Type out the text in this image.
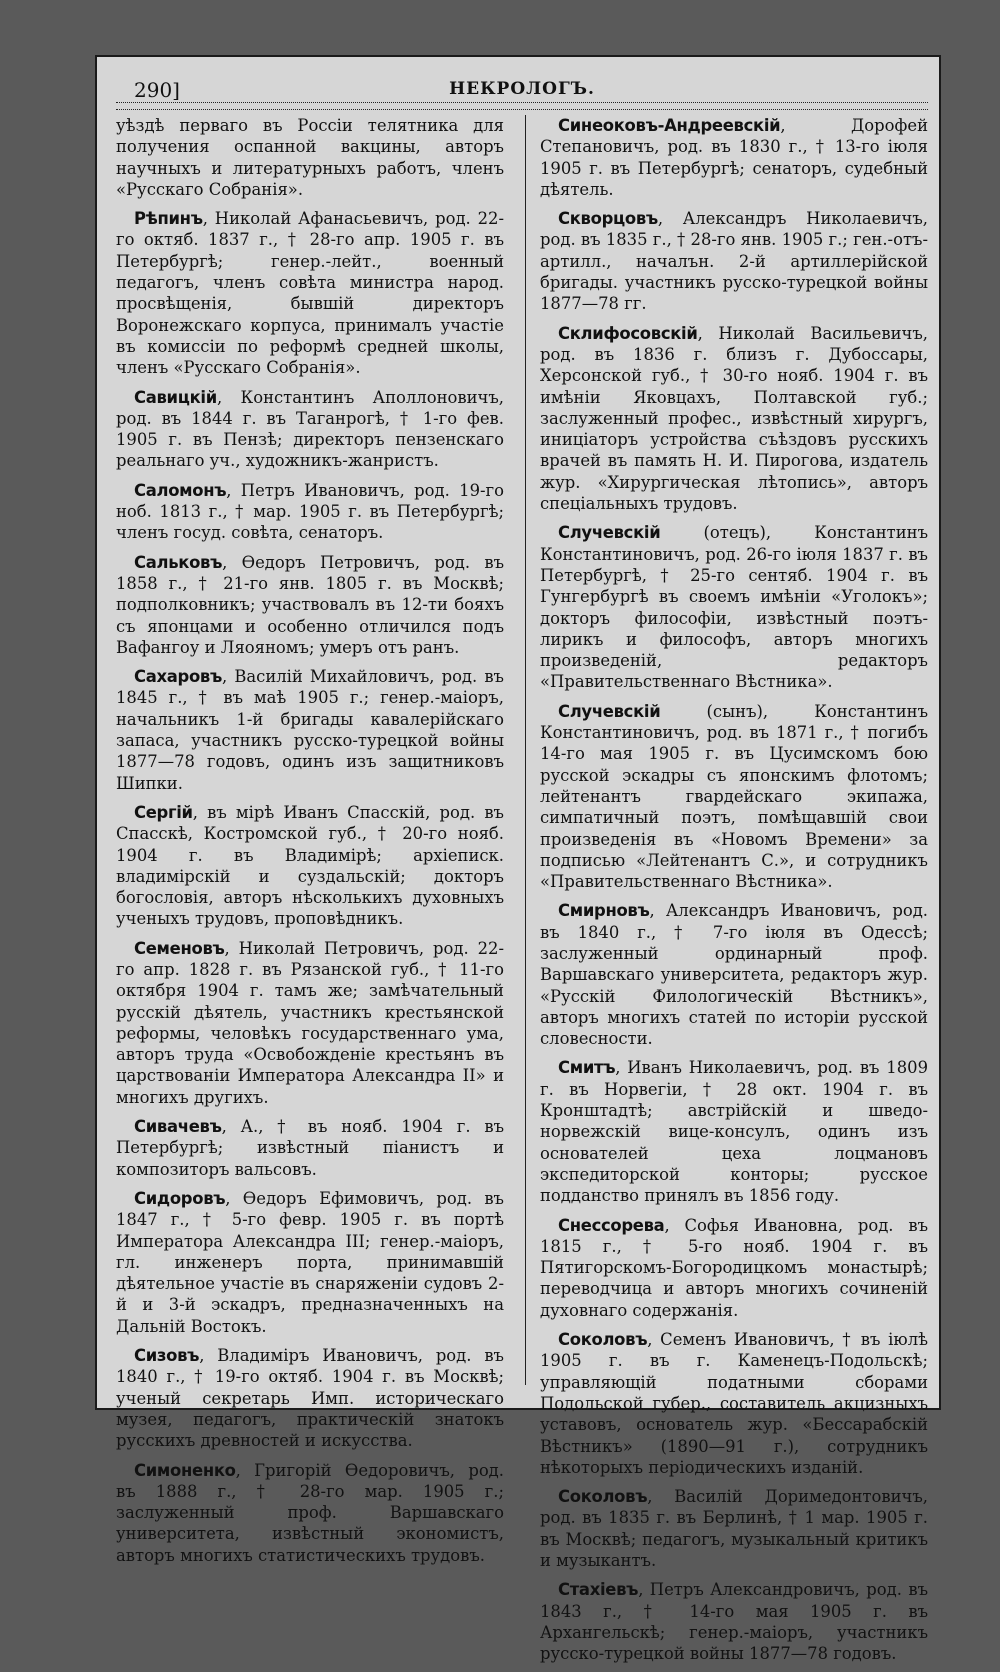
290]	НЕКРОЛОГЪ.

уѣздѣ перваго въ Россіи телятника для получения оспанной вакцины, авторъ научныхъ и литературныхъ работъ, членъ «Русскаго Собранія».

Рѣпинъ, Николай Афанасьевичъ, род. 22-го октяб. 1837 г., † 28-го апр. 1905 г. въ Петербургѣ; генер.-лейт., военный педагогъ, членъ совѣта министра народ. просвѣщенія, бывшій директоръ Воронежскаго корпуса, принималъ участіе въ комиссіи по реформѣ средней школы, членъ «Русскаго Собранія».

Савицкій, Константинъ Аполлоновичъ, род. въ 1844 г. въ Таганрогѣ, † 1-го фев. 1905 г. въ Пензѣ; директоръ пензенскаго реальнаго уч., художникъ-жанристъ.

Саломонъ, Петръ Ивановичъ, род. 19-го ноб. 1813 г., † мар. 1905 г. въ Петербургѣ; членъ госуд. совѣта, сенаторъ.

Сальковъ, Ѳедоръ Петровичъ, род. въ 1858 г., † 21-го янв. 1805 г. въ Москвѣ; подполковникъ; участвовалъ въ 12-ти бояхъ съ японцами и особенно отличился подъ Вафангоу и Ляояномъ; умеръ отъ ранъ.

Сахаровъ, Василій Михайловичъ, род. въ 1845 г., † въ маѣ 1905 г.; генер.-маіоръ, начальникъ 1-й бригады кавалерійскаго запаса, участникъ русско-турецкой войны 1877—78 годовъ, одинъ изъ защитниковъ Шипки.

Сергій, въ мірѣ Иванъ Спасскій, род. въ Спасскѣ, Костромской губ., † 20-го нояб. 1904 г. въ Владимірѣ; архіеписк. владимірскій и суздальскій; докторъ богословія, авторъ нѣсколькихъ духовныхъ ученыхъ трудовъ, проповѣдникъ.

Семеновъ, Николай Петровичъ, род. 22-го апр. 1828 г. въ Рязанской губ., † 11-го октября 1904 г. тамъ же; замѣчательный русскій дѣятель, участникъ крестьянской реформы, человѣкъ государственнаго ума, авторъ труда «Освобожденіе крестьянъ въ царствованіи Императора Александра II» и многихъ другихъ.

Сивачевъ, А., † въ нояб. 1904 г. въ Петербургѣ; извѣстный піанистъ и композиторъ вальсовъ.

Сидоровъ, Ѳедоръ Ефимовичъ, род. въ 1847 г., † 5-го февр. 1905 г. въ портѣ Императора Александра III; генер.-маіоръ, гл. инженеръ порта, принимавшій дѣятельное участіе въ снаряженіи судовъ 2-й и 3-й эскадръ, предназначенныхъ на Дальній Востокъ.

Сизовъ, Владиміръ Ивановичъ, род. въ 1840 г., † 19-го октяб. 1904 г. въ Москвѣ; ученый секретарь Имп. историческаго музея, педагогъ, практическій знатокъ русскихъ древностей и искусства.

Симоненко, Григорій Ѳедоровичъ, род. въ 1888 г., † 28-го мар. 1905 г.; заслуженный проф. Варшавскаго университета, извѣстный экономистъ, авторъ многихъ статистическихъ трудовъ.

Синеоковъ-Андреевскій, Дорофей Степановичъ, род. въ 1830 г., † 13-го іюля 1905 г. въ Петербургѣ; сенаторъ, судебный дѣятель.

Скворцовъ, Александръ Николаевичъ, род. въ 1835 г., † 28-го янв. 1905 г.; ген.-отъ-артилл., началън. 2-й артиллерійской бригады. участникъ русско-турецкой войны 1877—78 гг.

Склифосовскій, Николай Васильевичъ, род. въ 1836 г. близъ г. Дубоссары, Херсонской губ., † 30-го нояб. 1904 г. въ имѣніи Яковцахъ, Полтавской губ.; заслуженный профес., извѣстный хирургъ, иниціаторъ устройства съѣздовъ русскихъ врачей въ память Н. И. Пирогова, издатель жур. «Хирургическая лѣтопись», авторъ спеціальныхъ трудовъ.

Случевскій (отецъ), Константинъ Константиновичъ, род. 26-го іюля 1837 г. въ Петербургѣ, † 25-го сентяб. 1904 г. въ Гунгербургѣ въ своемъ имѣніи «Уголокъ»; докторъ философіи, извѣстный поэтъ-лирикъ и философъ, авторъ многихъ произведеній, редакторъ «Правительственнаго Вѣстника».

Случевскій (сынъ), Константинъ Константиновичъ, род. въ 1871 г., † погибъ 14-го мая 1905 г. въ Цусимскомъ бою русской эскадры съ японскимъ флотомъ; лейтенантъ гвардейскаго экипажа, симпатичный поэтъ, помѣщавшій свои произведенія въ «Новомъ Времени» за подписью «Лейтенантъ С.», и сотрудникъ «Правительственнаго Вѣстника».

Смирновъ, Александръ Ивановичъ, род. въ 1840 г., † 7-го іюля въ Одессѣ; заслуженный ординарный проф. Варшавскаго университета, редакторъ жур. «Русскій Филологическій Вѣстникъ», авторъ многихъ статей по исторіи русской словесности.

Смитъ, Иванъ Николаевичъ, род. въ 1809 г. въ Норвегіи, † 28 окт. 1904 г. въ Кронштадтѣ; австрійскій и шведо-норвежскій вице-консулъ, одинъ изъ основателей цеха лоцмановъ экспедиторской конторы; русское подданство принялъ въ 1856 году.

Снессорева, Софья Ивановна, род. въ 1815 г., † 5-го нояб. 1904 г. въ Пятигорскомъ-Богородицкомъ монастырѣ; переводчица и авторъ многихъ сочиненій духовнаго содержанія.

Соколовъ, Семенъ Ивановичъ, † въ іюлѣ 1905 г. въ г. Каменецъ-Подольскѣ; управляющій податными сборами Подольской губер., составитель акцизныхъ уставовъ, основатель жур. «Бессарабскій Вѣстникъ» (1890—91 г.), сотрудникъ нѣкоторыхъ періодическихъ изданій.

Соколовъ, Василій Доримедонтовичъ, род. въ 1835 г. въ Берлинѣ, † 1 мар. 1905 г. въ Москвѣ; педагогъ, музыкальный критикъ и музыкантъ.

Стахіевъ, Петръ Александровичъ, род. въ 1843 г., † 14-го мая 1905 г. въ Архангельскѣ; генер.-маіоръ, участникъ русско-турецкой войны 1877—78 годовъ.
